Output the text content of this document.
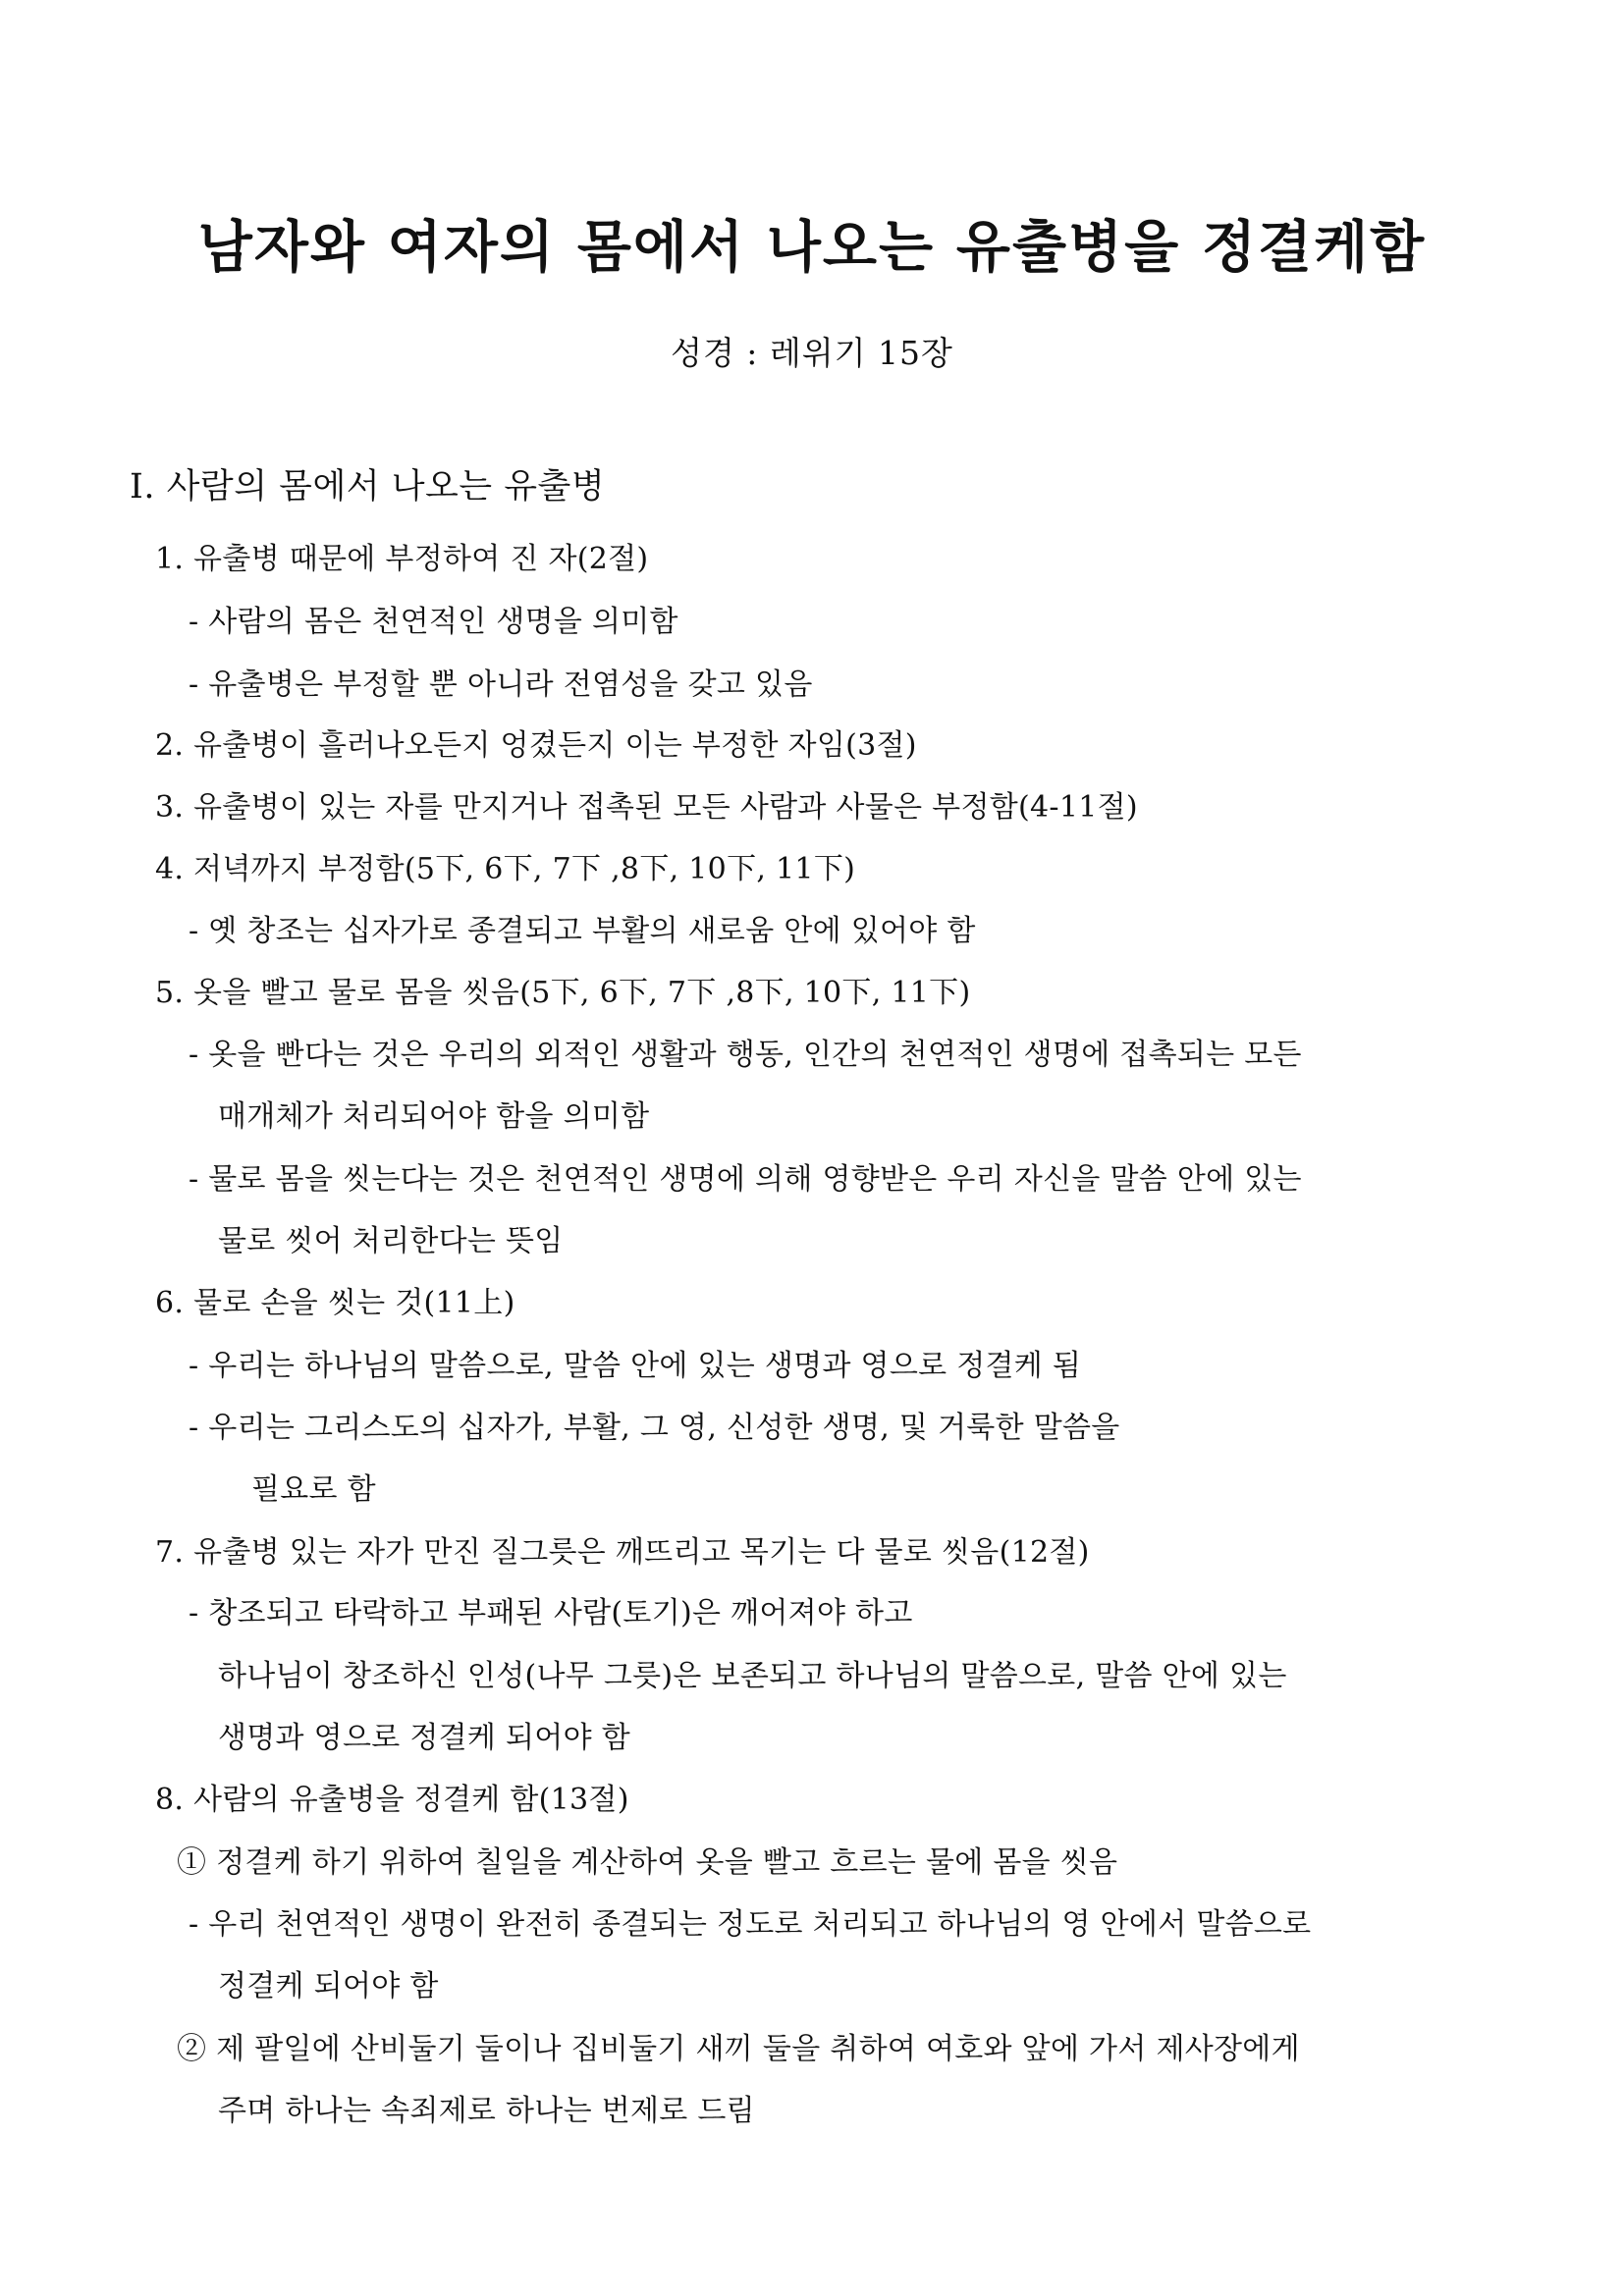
남자와 여자의 몸에서 나오는 유출병을 정결케함
성경 : 레위기 15장
Ⅰ. 사람의 몸에서 나오는 유출병
1. 유출병 때문에 부정하여 진 자(2절)
- 사람의 몸은 천연적인 생명을 의미함
- 유출병은 부정할 뿐 아니라 전염성을 갖고 있음
2. 유출병이 흘러나오든지 엉겼든지 이는 부정한 자임(3절)
3. 유출병이 있는 자를 만지거나 접촉된 모든 사람과 사물은 부정함(4-11절)
4. 저녁까지 부정함(5下, 6下, 7下 ,8下, 10下, 11下)
- 옛 창조는 십자가로 종결되고 부활의 새로움 안에 있어야 함
5. 옷을 빨고 물로 몸을 씻음(5下, 6下, 7下 ,8下, 10下, 11下)
- 옷을 빤다는 것은 우리의 외적인 생활과 행동, 인간의 천연적인 생명에 접촉되는 모든
매개체가 처리되어야 함을 의미함
- 물로 몸을 씻는다는 것은 천연적인 생명에 의해 영향받은 우리 자신을 말씀 안에 있는
물로 씻어 처리한다는 뜻임
6. 물로 손을 씻는 것(11上)
- 우리는 하나님의 말씀으로, 말씀 안에 있는 생명과 영으로 정결케 됨
- 우리는 그리스도의 십자가, 부활, 그 영, 신성한 생명, 및 거룩한 말씀을
필요로 함
7. 유출병 있는 자가 만진 질그릇은 깨뜨리고 목기는 다 물로 씻음(12절)
- 창조되고 타락하고 부패된 사람(토기)은 깨어져야 하고
하나님이 창조하신 인성(나무 그릇)은 보존되고 하나님의 말씀으로, 말씀 안에 있는
생명과 영으로 정결케 되어야 함
8. 사람의 유출병을 정결케 함(13절)
① 정결케 하기 위하여 칠일을 계산하여 옷을 빨고 흐르는 물에 몸을 씻음
- 우리 천연적인 생명이 완전히 종결되는 정도로 처리되고 하나님의 영 안에서 말씀으로
정결케 되어야 함
② 제 팔일에 산비둘기 둘이나 집비둘기 새끼 둘을 취하여 여호와 앞에 가서 제사장에게
주며 하나는 속죄제로 하나는 번제로 드림
